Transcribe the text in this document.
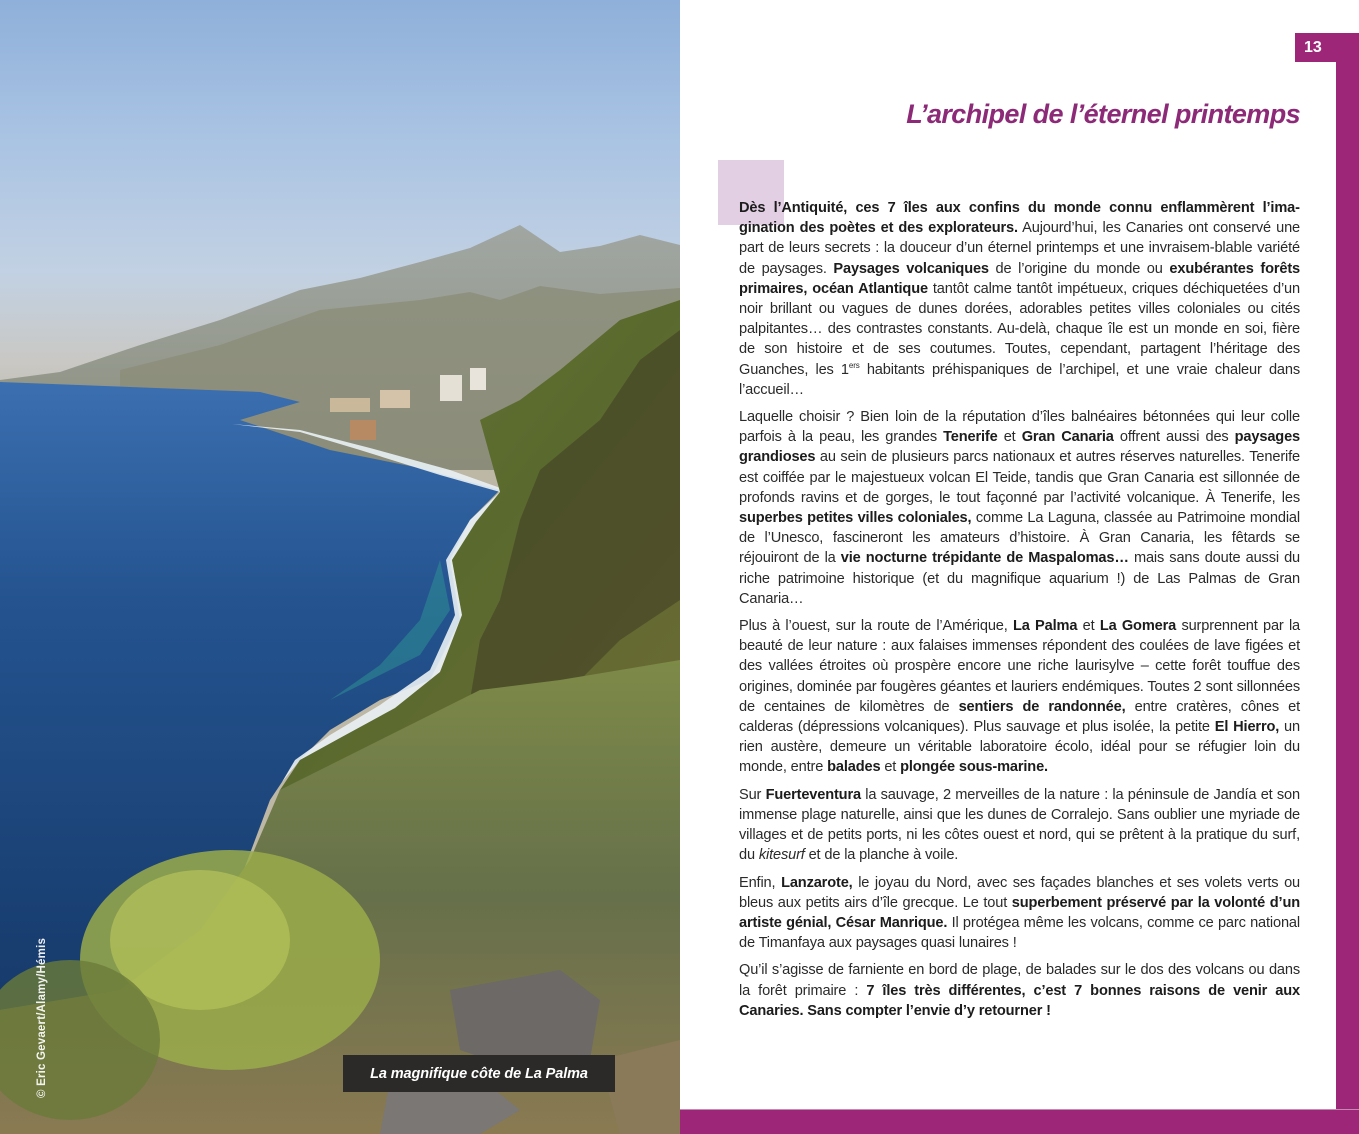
© Eric Gevaert/Alamy/Hémis	La magnifique côte de La Palma
13
L’archipel de l’éternel printemps

Dès l’Antiquité, ces 7 îles aux confins du monde connu enflammèrent l’imagination des poètes et des explorateurs. Aujourd’hui, les Canaries ont conservé une part de leurs secrets : la douceur d’un éternel printemps et une invraisem-blable variété de paysages. Paysages volcaniques de l’origine du monde ou exubérantes forêts primaires, océan Atlantique tantôt calme tantôt impétueux, criques déchiquetées d’un noir brillant ou vagues de dunes dorées, adorables petites villes coloniales ou cités palpitantes… des contrastes constants. Au-delà, chaque île est un monde en soi, fière de son histoire et de ses coutumes. Toutes, cependant, partagent l’héritage des Guanches, les 1ers habitants préhispaniques de l’archipel, et une vraie chaleur dans l’accueil…

Laquelle choisir ? Bien loin de la réputation d’îles balnéaires bétonnées qui leur colle parfois à la peau, les grandes Tenerife et Gran Canaria offrent aussi des paysages grandioses au sein de plusieurs parcs nationaux et autres réserves naturelles. Tenerife est coiffée par le majestueux volcan El Teide, tandis que Gran Canaria est sillonnée de profonds ravins et de gorges, le tout façonné par l’activité volcanique. À Tenerife, les superbes petites villes coloniales, comme La Laguna, classée au Patrimoine mondial de l’Unesco, fascineront les amateurs d’histoire. À Gran Canaria, les fêtards se réjouiront de la vie nocturne trépidante de Maspalomas… mais sans doute aussi du riche patrimoine historique (et du magnifique aquarium !) de Las Palmas de Gran Canaria…

Plus à l’ouest, sur la route de l’Amérique, La Palma et La Gomera surprennent par la beauté de leur nature : aux falaises immenses répondent des coulées de lave figées et des vallées étroites où prospère encore une riche laurisylve – cette forêt touffue des origines, dominée par fougères géantes et lauriers endémiques. Toutes 2 sont sillonnées de centaines de kilomètres de sentiers de randonnée, entre cratères, cônes et calderas (dépressions volcaniques). Plus sauvage et plus isolée, la petite El Hierro, un rien austère, demeure un véritable laboratoire écolo, idéal pour se réfugier loin du monde, entre balades et plongée sous-marine.

Sur Fuerteventura la sauvage, 2 merveilles de la nature : la péninsule de Jandía et son immense plage naturelle, ainsi que les dunes de Corralejo. Sans oublier une myriade de villages et de petits ports, ni les côtes ouest et nord, qui se prêtent à la pratique du surf, du kitesurf et de la planche à voile.

Enfin, Lanzarote, le joyau du Nord, avec ses façades blanches et ses volets verts ou bleus aux petits airs d’île grecque. Le tout superbement préservé par la volonté d’un artiste génial, César Manrique. Il protégea même les volcans, comme ce parc national de Timanfaya aux paysages quasi lunaires !

Qu’il s’agisse de farniente en bord de plage, de balades sur le dos des volcans ou dans la forêt primaire : 7 îles très différentes, c’est 7 bonnes raisons de venir aux Canaries. Sans compter l’envie d’y retourner !
